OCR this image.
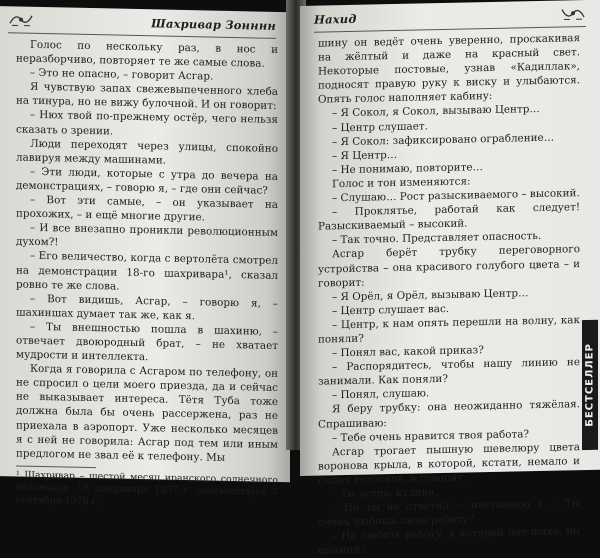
Шахривар Зонннн

Голос по нескольку раз, в нос и неразборчиво, повторяет те же самые слова.

– Это не опасно, – говорит Асгар.

Я чувствую запах свежевыпеченного хлеба на тинура, но не вижу булочной. И он говорит:

– Нюх твой по-прежнему остёр, чего нельзя сказать о зрении.

Люди переходят через улицы, спокойно лавируя между машинами.

– Эти люди, которые с утра до вечера на демонстрациях, – говорю я, – где они сейчас?

– Вот эти самые, – он указывает на прохожих, – и ещё многие другие.

– И все внезапно проникли революционным духом?!

– Его величество, когда с вертолёта смотрел на демонстрации 18-го шахривара¹, сказал ровно те же слова.

– Вот видишь, Асгар, – говорю я, – шахиншах думает так же, как я.

– Ты внешностью пошла в шахиню, – отвечает двоюродный брат, – не хватает мудрости и интеллекта.

Когда я говорила с Асгаром по телефону, он не спросил о цели моего приезда, да и сейчас не выказывает интереса. Тётя Туба тоже должна была бы очень рассержена, раз не приехала в аэропорт. Уже несколько месяцев я с ней не говорила: Асгар под тем или иным предлогом не звал её к телефону. Мы

¹ Шахривар – шестой месяц иранского солнечного календаря. 18 шахривара 1357 г. соответствует 7 сентября 1978 г.
Нахид

шину он ведёт очень уверенно, проскакивая на жёлтый и даже на красный свет. Некоторые постовые, узнав «Кадиллак», подносят правую руку к виску и улыбаются. Опять голос наполняет кабину:

– Я Сокол, я Сокол, вызываю Центр…

– Центр слушает.

– Я Сокол: зафиксировано ограбление…

– Я Центр…

– Не понимаю, повторите…

Голос и тон изменяются:

– Слушаю… Рост разыскиваемого – высокий.

– Проклятье, работай как следует! Разыскиваемый – высокий.

– Так точно. Представляет опасность.

Асгар берёт трубку переговорного устройства – она красивого голубого цвета – и говорит:

– Я Орёл, я Орёл, вызываю Центр…

– Центр слушает вас.

– Центр, к нам опять перешли на волну, как поняли?

– Понял вас, какой приказ?

– Распорядитесь, чтобы нашу линию не занимали. Как поняли?

– Понял, слушаю.

Я беру трубку: она неожиданно тяжёлая. Спрашиваю:

– Тебе очень нравится твоя работа?

Асгар трогает пышную шевелюру цвета воронова крыла, в которой, кстати, немало и седых волосков, и говорит:

– Ты остра, кузина.

– Но ты не ответил, – настаиваю я. – Ты очень любишь свою работу?

– Не любить работу, в которой нет шаха, ни шахини?

БЕСТСЕЛЛЕР
